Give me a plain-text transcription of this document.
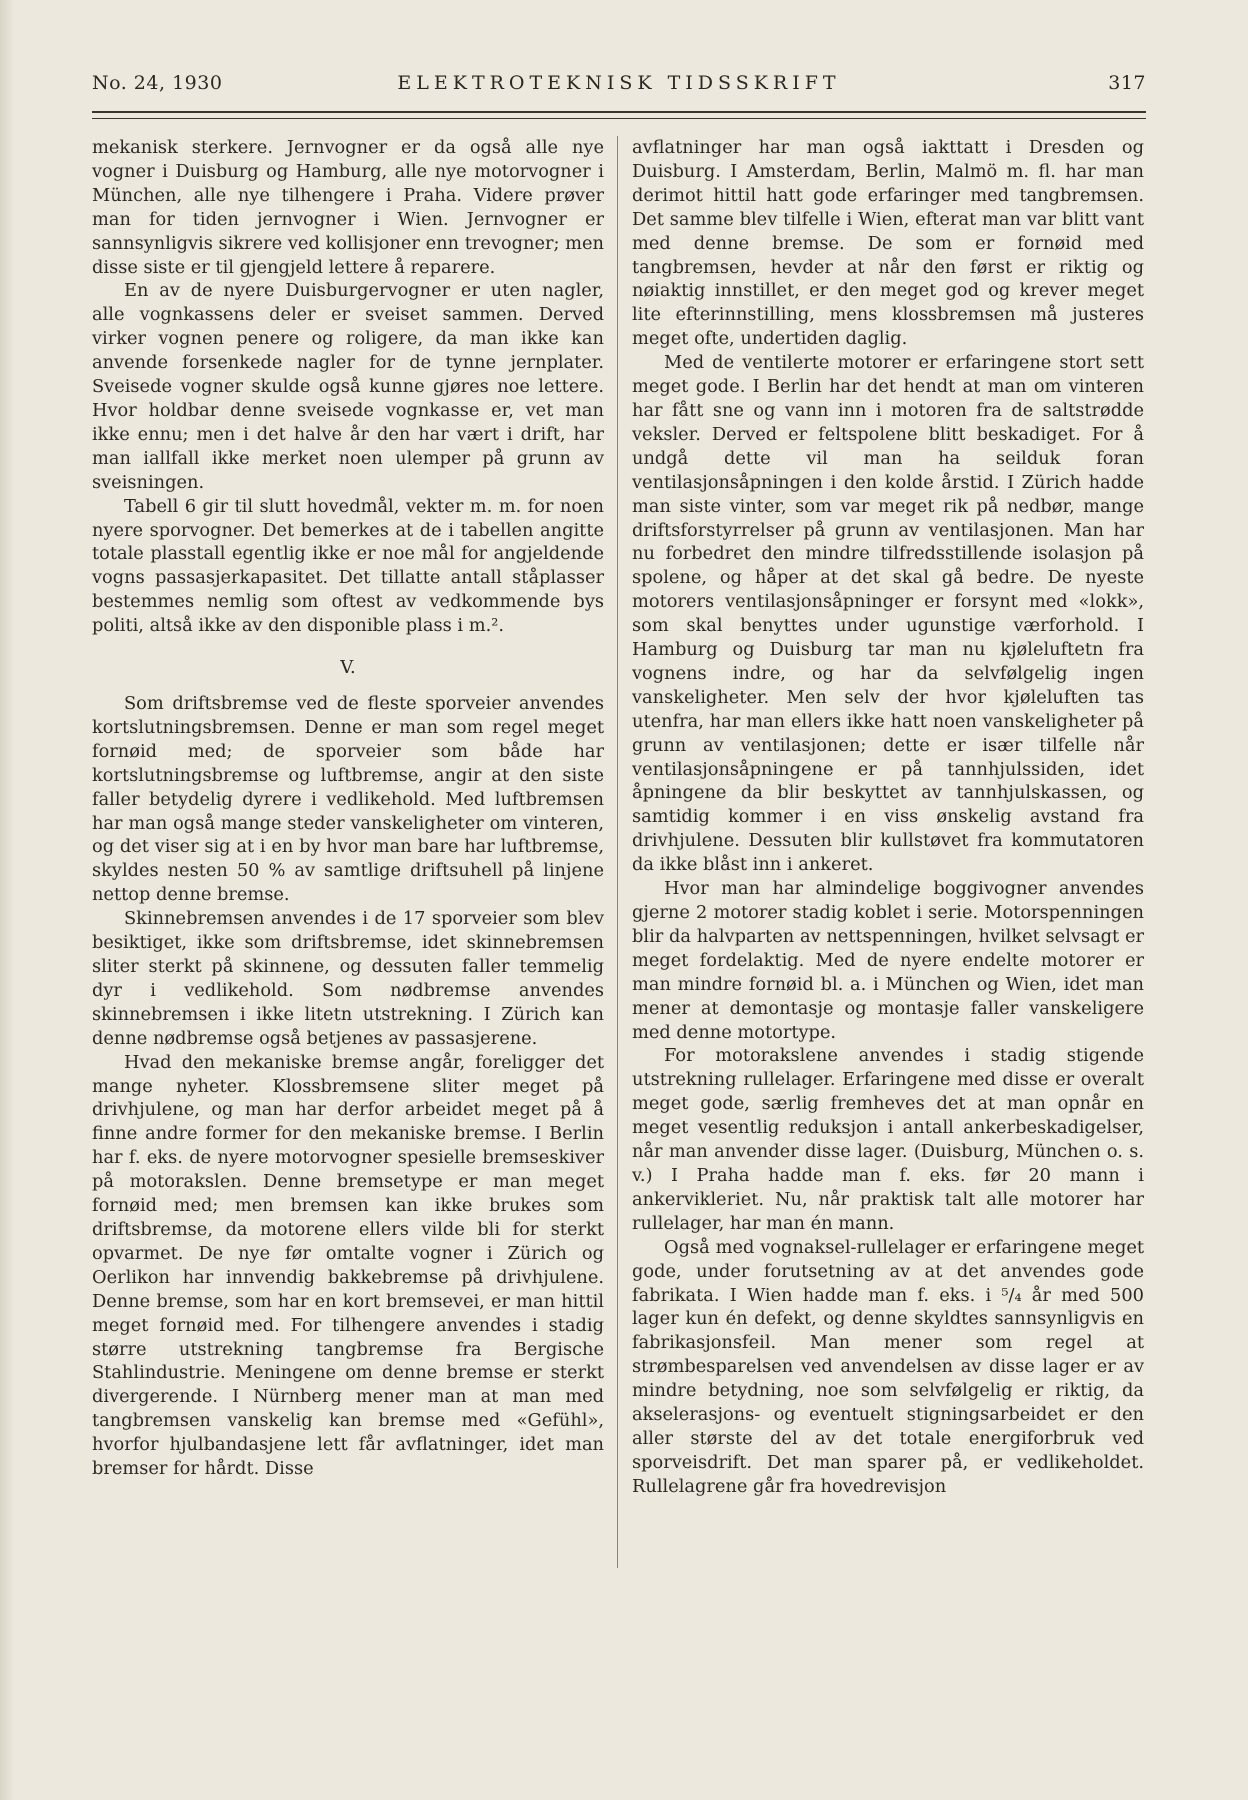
No. 24, 1930	ELEKTROTEKNISK TIDSSKRIFT	317

mekanisk sterkere. Jernvogner er da også alle nye vogner i Duisburg og Hamburg, alle nye motorvogner i München, alle nye tilhengere i Praha. Videre prøver man for tiden jernvogner i Wien. Jernvogner er sannsynligvis sikrere ved kollisjoner enn trevogner; men disse siste er til gjengjeld lettere å reparere.

En av de nyere Duisburgervogner er uten nagler, alle vognkassens deler er sveiset sammen. Derved virker vognen penere og roligere, da man ikke kan anvende forsenkede nagler for de tynne jernplater. Sveisede vogner skulde også kunne gjøres noe lettere. Hvor holdbar denne sveisede vognkasse er, vet man ikke ennu; men i det halve år den har vært i drift, har man iallfall ikke merket noen ulemper på grunn av sveisningen.

Tabell 6 gir til slutt hovedmål, vekter m. m. for noen nyere sporvogner. Det bemerkes at de i tabellen angitte totale plasstall egentlig ikke er noe mål for angjeldende vogns passasjerkapasitet. Det tillatte antall ståplasser bestemmes nemlig som oftest av vedkommende bys politi, altså ikke av den disponible plass i m.².

V.

Som driftsbremse ved de fleste sporveier anvendes kortslutningsbremsen. Denne er man som regel meget fornøid med; de sporveier som både har kortslutningsbremse og luftbremse, angir at den siste faller betydelig dyrere i vedlikehold. Med luftbremsen har man også mange steder vanskeligheter om vinteren, og det viser sig at i en by hvor man bare har luftbremse, skyldes nesten 50 % av samtlige driftsuhell på linjene nettop denne bremse.

Skinnebremsen anvendes i de 17 sporveier som blev besiktiget, ikke som driftsbremse, idet skinnebremsen sliter sterkt på skinnene, og dessuten faller temmelig dyr i vedlikehold. Som nødbremse anvendes skinnebremsen i ikke litetn utstrekning. I Zürich kan denne nødbremse også betjenes av passasjerene.

Hvad den mekaniske bremse angår, foreligger det mange nyheter. Klossbremsene sliter meget på drivhjulene, og man har derfor arbeidet meget på å finne andre former for den mekaniske bremse. I Berlin har f. eks. de nyere motorvogner spesielle bremseskiver på motorakslen. Denne bremsetype er man meget fornøid med; men bremsen kan ikke brukes som driftsbremse, da motorene ellers vilde bli for sterkt opvarmet. De nye før omtalte vogner i Zürich og Oerlikon har innvendig bakkebremse på drivhjulene. Denne bremse, som har en kort bremsevei, er man hittil meget fornøid med. For tilhengere anvendes i stadig større utstrekning tangbremse fra Bergische Stahlindustrie. Meningene om denne bremse er sterkt divergerende. I Nürnberg mener man at man med tangbremsen vanskelig kan bremse med «Gefühl», hvorfor hjulbandasjene lett får avflatninger, idet man bremser for hårdt. Disse

avflatninger har man også iakttatt i Dresden og Duisburg. I Amsterdam, Berlin, Malmö m. fl. har man derimot hittil hatt gode erfaringer med tangbremsen. Det samme blev tilfelle i Wien, efterat man var blitt vant med denne bremse. De som er fornøid med tangbremsen, hevder at når den først er riktig og nøiaktig innstillet, er den meget god og krever meget lite efterinnstilling, mens klossbremsen må justeres meget ofte, undertiden daglig.

Med de ventilerte motorer er erfaringene stort sett meget gode. I Berlin har det hendt at man om vinteren har fått sne og vann inn i motoren fra de saltstrødde veksler. Derved er feltspolene blitt beskadiget. For å undgå dette vil man ha seilduk foran ventilasjonsåpningen i den kolde årstid. I Zürich hadde man siste vinter, som var meget rik på nedbør, mange driftsforstyrrelser på grunn av ventilasjonen. Man har nu forbedret den mindre tilfredsstillende isolasjon på spolene, og håper at det skal gå bedre. De nyeste motorers ventilasjonsåpninger er forsynt med «lokk», som skal benyttes under ugunstige værforhold. I Hamburg og Duisburg tar man nu kjøleluftetn fra vognens indre, og har da selvfølgelig ingen vanskeligheter. Men selv der hvor kjøleluften tas utenfra, har man ellers ikke hatt noen vanskeligheter på grunn av ventilasjonen; dette er især tilfelle når ventilasjonsåpningene er på tannhjulssiden, idet åpningene da blir beskyttet av tannhjulskassen, og samtidig kommer i en viss ønskelig avstand fra drivhjulene. Dessuten blir kullstøvet fra kommutatoren da ikke blåst inn i ankeret.

Hvor man har almindelige boggivogner anvendes gjerne 2 motorer stadig koblet i serie. Motorspenningen blir da halvparten av nettspenningen, hvilket selvsagt er meget fordelaktig. Med de nyere endelte motorer er man mindre fornøid bl. a. i München og Wien, idet man mener at demontasje og montasje faller vanskeligere med denne motortype.

For motorakslene anvendes i stadig stigende utstrekning rullelager. Erfaringene med disse er overalt meget gode, særlig fremheves det at man opnår en meget vesentlig reduksjon i antall ankerbeskadigelser, når man anvender disse lager. (Duisburg, München o. s. v.) I Praha hadde man f. eks. før 20 mann i ankervikleriet. Nu, når praktisk talt alle motorer har rullelager, har man én mann.

Også med vognaksel-rullelager er erfaringene meget gode, under forutsetning av at det anvendes gode fabrikata. I Wien hadde man f. eks. i ⁵/₄ år med 500 lager kun én defekt, og denne skyldtes sannsynligvis en fabrikasjonsfeil. Man mener som regel at strømbesparelsen ved anvendelsen av disse lager er av mindre betydning, noe som selvfølgelig er riktig, da akselerasjons- og eventuelt stigningsarbeidet er den aller største del av det totale energiforbruk ved sporveisdrift. Det man sparer på, er vedlikeholdet. Rullelagrene går fra hovedrevisjon
